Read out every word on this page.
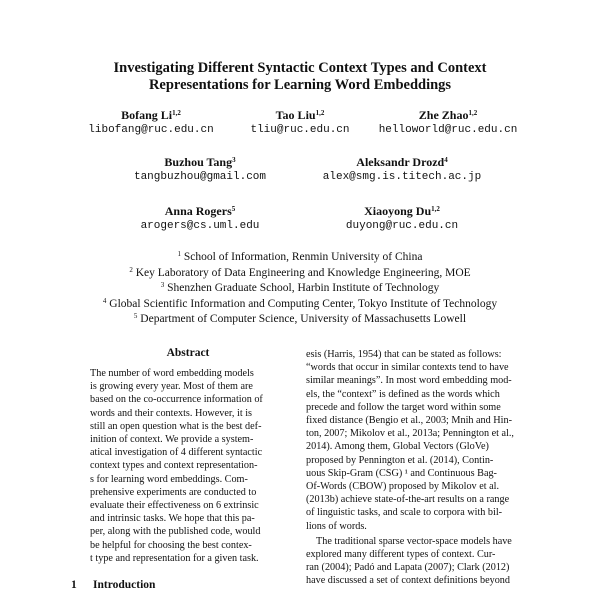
Investigating Different Syntactic Context Types and Context
Representations for Learning Word Embeddings
Bofang Li$^{1,2}$
libofang@ruc.edu.cn
Tao Liu$^{1,2}$
tliu@ruc.edu.cn
Zhe Zhao$^{1,2}$
helloworld@ruc.edu.cn
Buzhou Tang$^3$
tangbuzhou@gmail.com
Aleksandr Drozd$^4$
alex@smg.is.titech.ac.jp
Anna Rogers$^5$
arogers@cs.uml.edu
Xiaoyong Du$^{1,2}$
duyong@ruc.edu.cn
$^1$ School of Information, Renmin University of China
$^2$ Key Laboratory of Data Engineering and Knowledge Engineering, MOE
$^3$ Shenzhen Graduate School, Harbin Institute of Technology
$^4$ Global Scientific Information and Computing Center, Tokyo Institute of Technology
$^5$ Department of Computer Science, University of Massachusetts Lowell
Abstract
The number of word embedding models
is growing every year. Most of them are
based on the co-occurrence information of
words and their contexts. However, it is
still an open question what is the best def-
inition of context. We provide a system-
atical investigation of 4 different syntactic
context types and context representation-
s for learning word embeddings. Com-
prehensive experiments are conducted to
evaluate their effectiveness on 6 extrinsic
and intrinsic tasks. We hope that this pa-
per, along with the published code, would
be helpful for choosing the best contex-
t type and representation for a given task.
1 Introduction
esis (Harris, 1954) that can be stated as follows:
“words that occur in similar contexts tend to have
similar meanings”. In most word embedding mod-
els, the “context” is defined as the words which
precede and follow the target word within some
fixed distance (Bengio et al., 2003; Mnih and Hin-
ton, 2007; Mikolov et al., 2013a; Pennington et al.,
2014). Among them, Global Vectors (GloVe)
proposed by Pennington et al. (2014), Contin-
uous Skip-Gram (CSG) ¹ and Continuous Bag-
Of-Words (CBOW) proposed by Mikolov et al.
(2013b) achieve state-of-the-art results on a range
of linguistic tasks, and scale to corpora with bil-
lions of words.
The traditional sparse vector-space models have
explored many different types of context. Cur-
ran (2004); Padó and Lapata (2007); Clark (2012)
have discussed a set of context definitions beyond
